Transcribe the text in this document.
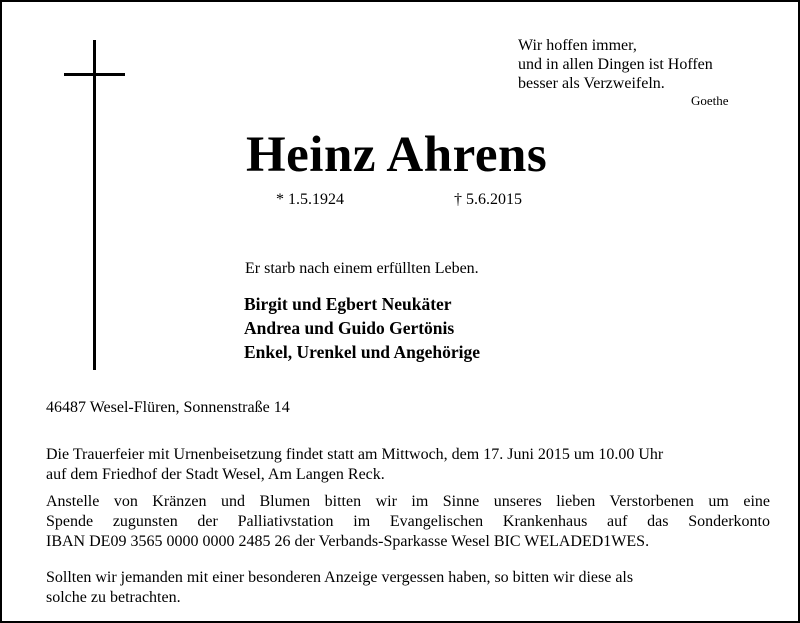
Wir hoffen immer,
und in allen Dingen ist Hoffen
besser als Verzweifeln.
Goethe
Heinz Ahrens
* 1.5.1924	† 5.6.2015
Er starb nach einem erfüllten Leben.
Birgit und Egbert Neukäter
Andrea und Guido Gertönis
Enkel, Urenkel und Angehörige
46487 Wesel-Flüren, Sonnenstraße 14
Die Trauerfeier mit Urnenbeisetzung findet statt am Mittwoch, dem 17. Juni 2015 um 10.00 Uhr
auf dem Friedhof der Stadt Wesel, Am Langen Reck.
Anstelle von Kränzen und Blumen bitten wir im Sinne unseres lieben Verstorbenen um eine
Spende zugunsten der Palliativstation im Evangelischen Krankenhaus auf das Sonderkonto
IBAN DE09 3565 0000 0000 2485 26 der Verbands-Sparkasse Wesel BIC WELADED1WES.
Sollten wir jemanden mit einer besonderen Anzeige vergessen haben, so bitten wir diese als
solche zu betrachten.
